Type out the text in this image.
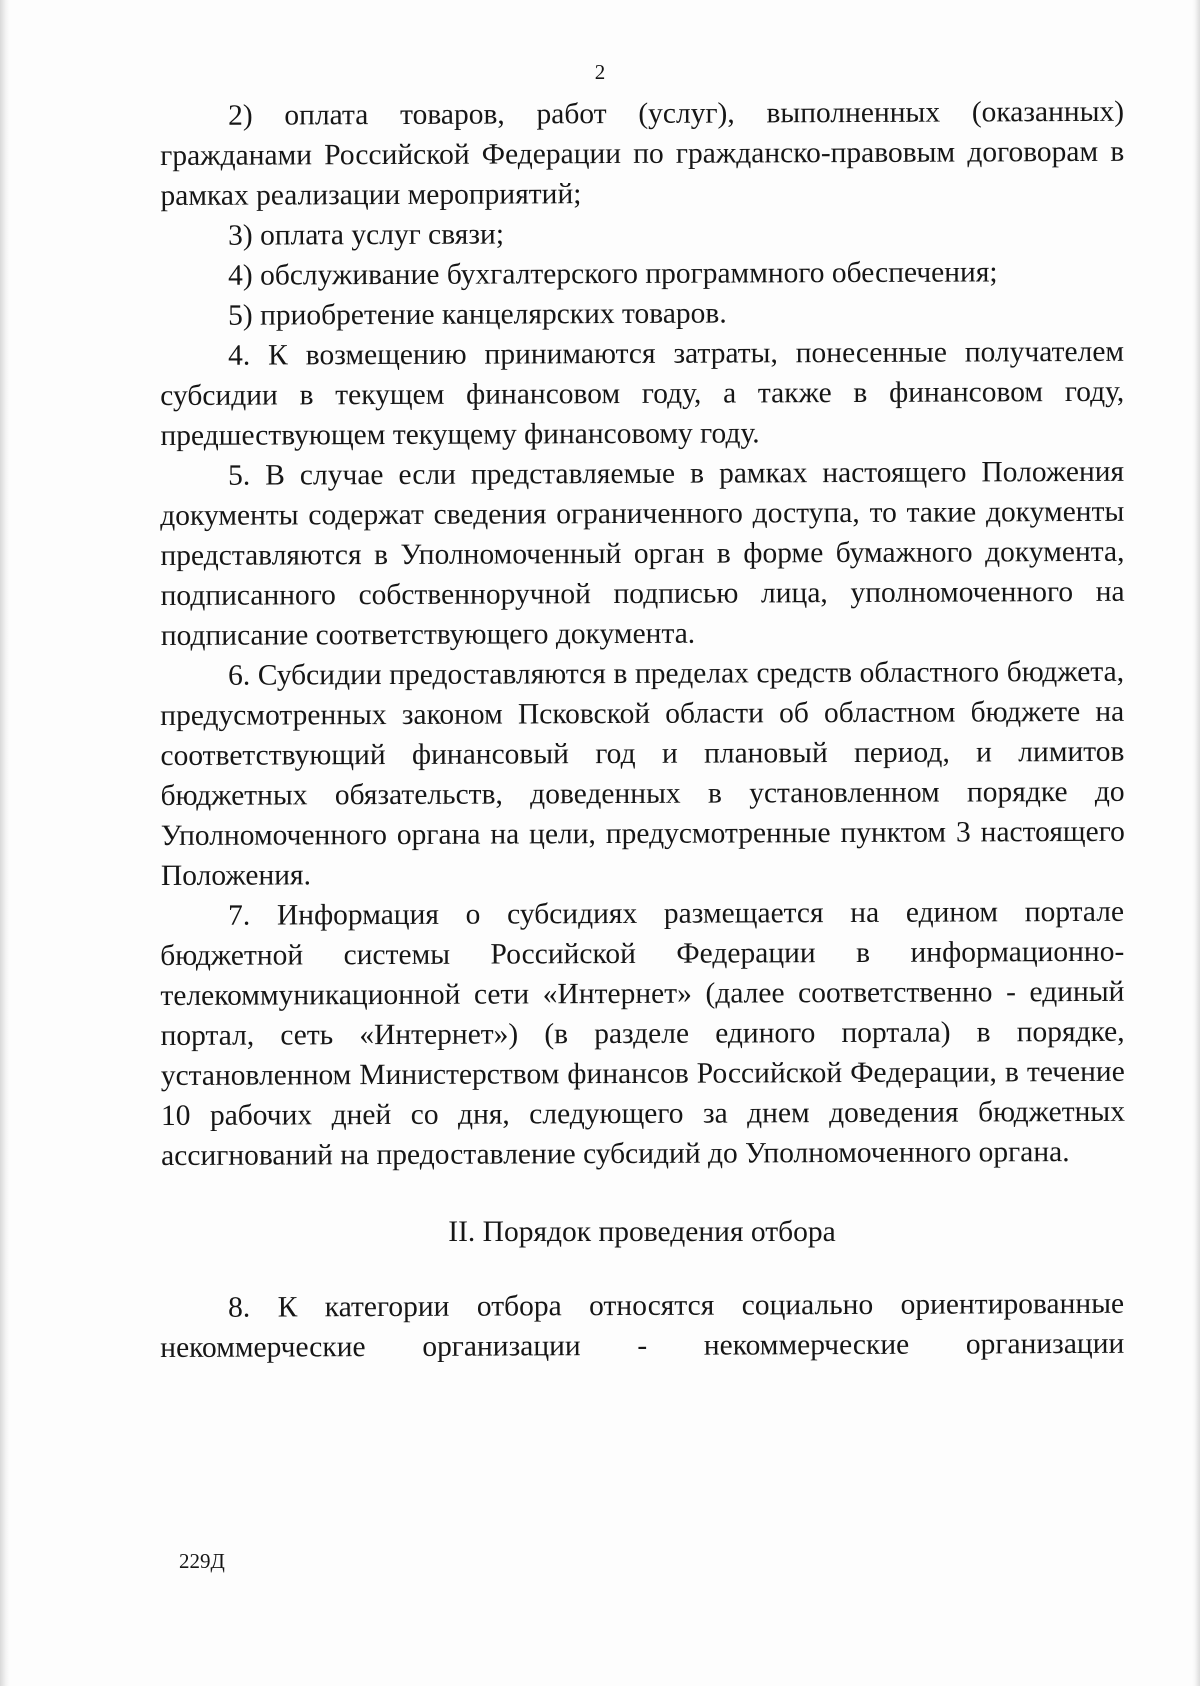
2

2) оплата товаров, работ (услуг), выполненных (оказанных) гражданами Российской Федерации по гражданско-правовым договорам в рамках реализации мероприятий;

3) оплата услуг связи;

4) обслуживание бухгалтерского программного обеспечения;

5) приобретение канцелярских товаров.

4. К возмещению принимаются затраты, понесенные получателем субсидии в текущем финансовом году, а также в финансовом году, предшествующем текущему финансовому году.

5. В случае если представляемые в рамках настоящего Положения документы содержат сведения ограниченного доступа, то такие документы представляются в Уполномоченный орган в форме бумажного документа, подписанного собственноручной подписью лица, уполномоченного на подписание соответствующего документа.

6. Субсидии предоставляются в пределах средств областного бюджета, предусмотренных законом Псковской области об областном бюджете на соответствующий финансовый год и плановый период, и лимитов бюджетных обязательств, доведенных в установленном порядке до Уполномоченного органа на цели, предусмотренные пунктом 3 настоящего Положения.

7. Информация о субсидиях размещается на едином портале бюджетной системы Российской Федерации в информационно-телекоммуникационной сети «Интернет» (далее соответственно - единый портал, сеть «Интернет») (в разделе единого портала) в порядке, установленном Министерством финансов Российской Федерации, в течение 10 рабочих дней со дня, следующего за днем доведения бюджетных ассигнований на предоставление субсидий до Уполномоченного органа.

II. Порядок проведения отбора

8. К категории отбора относятся социально ориентированные некоммерческие организации - некоммерческие организации

229Д
